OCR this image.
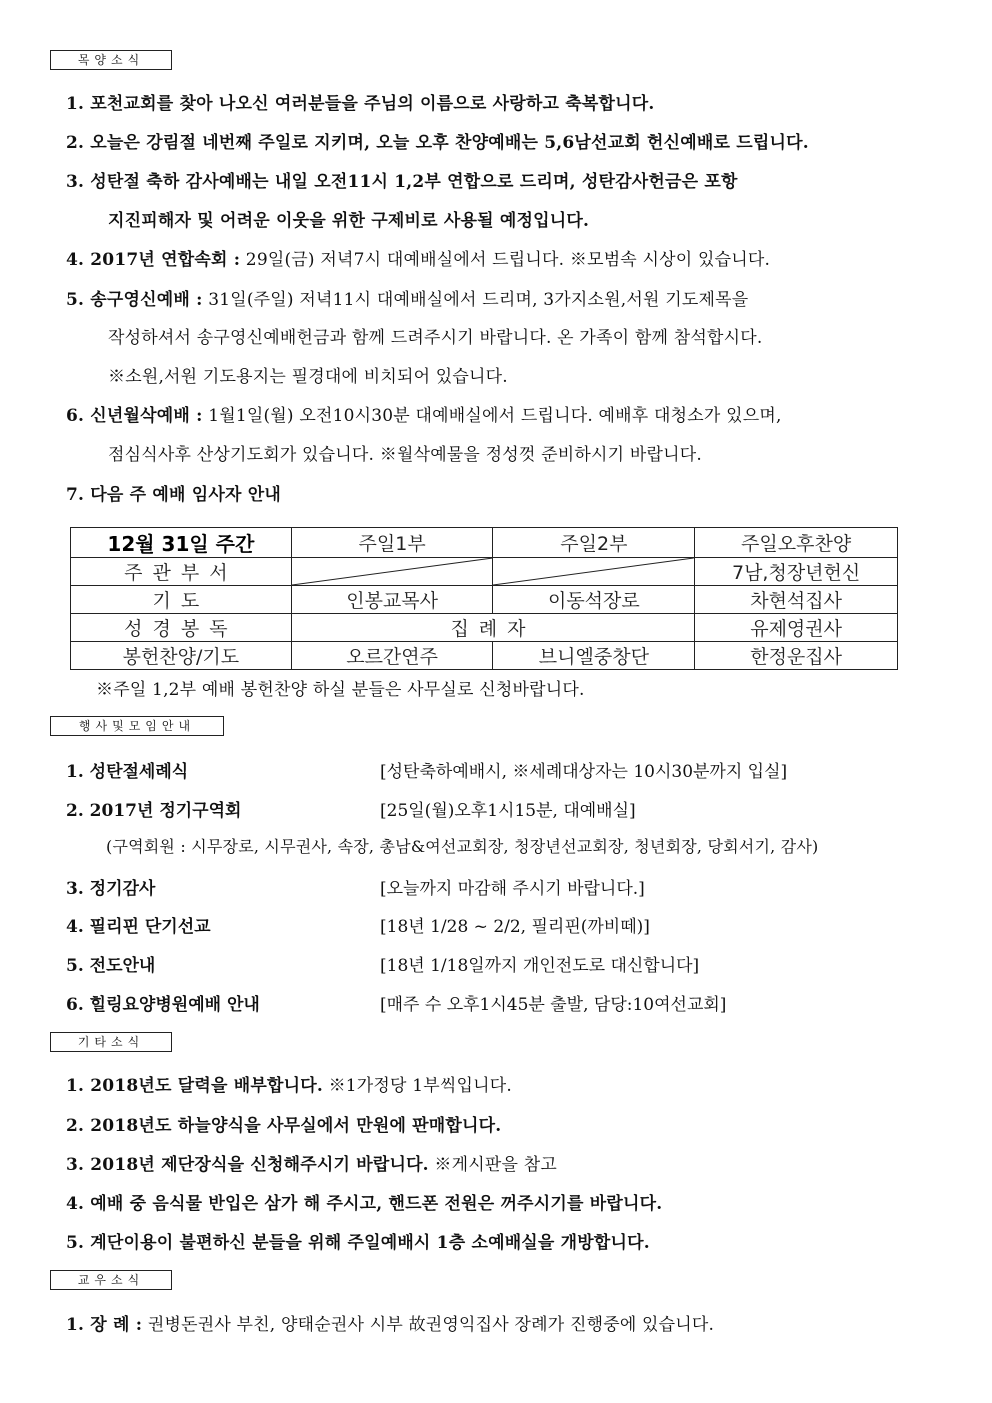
목양소식
1. 포천교회를 찾아 나오신 여러분들을 주님의 이름으로 사랑하고 축복합니다.
2. 오늘은 강림절 네번째 주일로 지키며, 오늘 오후 찬양예배는 5,6남선교회 헌신예배로 드립니다.
3. 성탄절 축하 감사예배는 내일 오전11시 1,2부 연합으로 드리며, 성탄감사헌금은 포항
지진피해자 및 어려운 이웃을 위한 구제비로 사용될 예정입니다.
4. 2017년 연합속회 : 29일(금) 저녁7시 대예배실에서 드립니다. ※모범속 시상이 있습니다.
5. 송구영신예배 : 31일(주일) 저녁11시 대예배실에서 드리며, 3가지소원,서원 기도제목을
작성하셔서 송구영신예배헌금과 함께 드려주시기 바랍니다. 온 가족이 함께 참석합시다.
※소원,서원 기도용지는 필경대에 비치되어 있습니다.
6. 신년월삭예배 : 1월1일(월) 오전10시30분 대예배실에서 드립니다. 예배후 대청소가 있으며,
점심식사후 산상기도회가 있습니다. ※월삭예물을 정성껏 준비하시기 바랍니다.
7. 다음 주 예배 임사자 안내
12월 31일 주간	주일1부	주일2부	주일오후찬양
주관부서			7남,청장년헌신
기도	인봉교목사	이동석장로	차현석집사
성경봉독	집례자		유제영권사
봉헌찬양/기도	오르간연주	브니엘중창단	한정운집사
※주일 1,2부 예배 봉헌찬양 하실 분들은 사무실로 신청바랍니다.
행사및모임안내
1. 성탄절세례식	[성탄축하예배시, ※세례대상자는 10시30분까지 입실]
2. 2017년 정기구역회	[25일(월)오후1시15분, 대예배실]
(구역회원 : 시무장로, 시무권사, 속장, 총남&여선교회장, 청장년선교회장, 청년회장, 당회서기, 감사)
3. 정기감사	[오늘까지 마감해 주시기 바랍니다.]
4. 필리핀 단기선교	[18년 1/28 ~ 2/2, 필리핀(까비떼)]
5. 전도안내	[18년 1/18일까지 개인전도로 대신합니다]
6. 힐링요양병원예배 안내	[매주 수 오후1시45분 출발, 담당:10여선교회]
기타소식
1. 2018년도 달력을 배부합니다. ※1가정당 1부씩입니다.
2. 2018년도 하늘양식을 사무실에서 만원에 판매합니다.
3. 2018년 제단장식을 신청해주시기 바랍니다. ※게시판을 참고
4. 예배 중 음식물 반입은 삼가 해 주시고, 핸드폰 전원은 꺼주시기를 바랍니다.
5. 계단이용이 불편하신 분들을 위해 주일예배시 1층 소예배실을 개방합니다.
교우소식
1. 장 례 : 권병돈권사 부친, 양태순권사 시부 故권영익집사 장례가 진행중에 있습니다.
